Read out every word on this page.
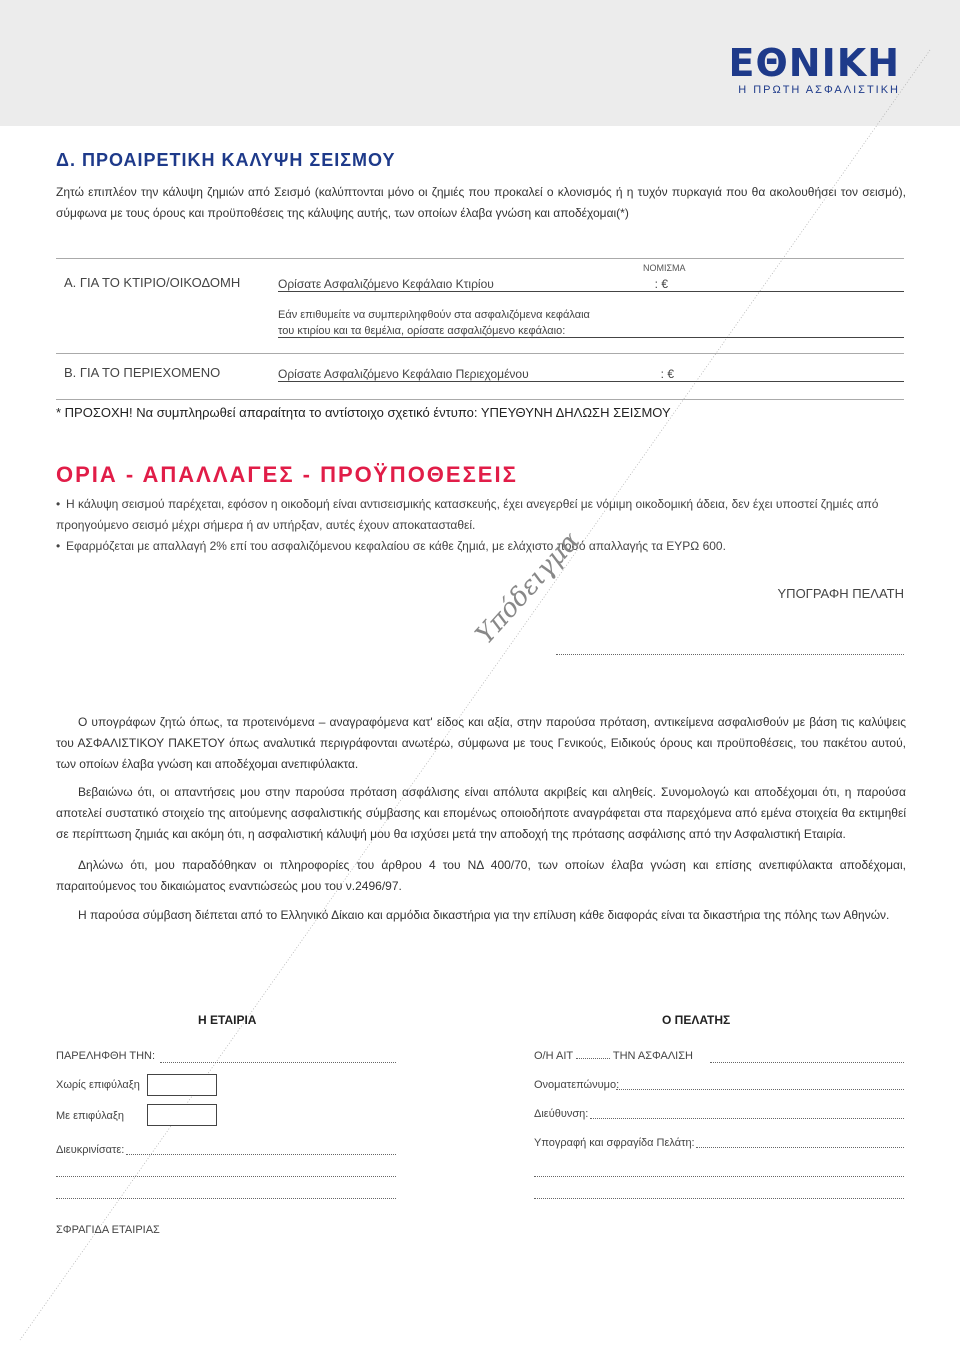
ΕΘΝΙΚΗ
Η ΠΡΩΤΗ ΑΣΦΑΛΙΣΤΙΚΗ
Δ. ΠΡΟΑΙΡΕΤΙΚΗ ΚΑΛΥΨΗ ΣΕΙΣΜΟΥ
Ζητώ επιπλέον την κάλυψη ζημιών από Σεισμό (καλύπτονται μόνο οι ζημιές που προκαλεί ο κλονισμός ή η τυχόν πυρκαγιά που θα ακολουθήσει τον σεισμό), σύμφωνα με τους όρους και προϋποθέσεις της κάλυψης αυτής, των οποίων έλαβα γνώση και αποδέχομαι(*)
ΝΟΜΙΣΜΑ
Α. ΓΙΑ ΤΟ ΚΤΙΡΙΟ/ΟΙΚΟΔΟΜΗ	Ορίσατε Ασφαλιζόμενο Κεφάλαιο Κτιρίου	: €
Εάν επιθυμείτε να συμπεριληφθούν στα ασφαλιζόμενα κεφάλαια
του κτιρίου και τα θεμέλια, ορίσατε ασφαλιζόμενο κεφάλαιο:
Β. ΓΙΑ ΤΟ ΠΕΡΙΕΧΟΜΕΝΟ	Ορίσατε Ασφαλιζόμενο Κεφάλαιο Περιεχομένου	: €
* ΠΡΟΣΟΧΗ! Να συμπληρωθεί απαραίτητα το αντίστοιχο σχετικό έντυπο: ΥΠΕΥΘΥΝΗ ΔΗΛΩΣΗ ΣΕΙΣΜΟΥ
ΟΡΙΑ - ΑΠΑΛΛΑΓΕΣ - ΠΡΟΫΠΟΘΕΣΕΙΣ
• Η κάλυψη σεισμού παρέχεται, εφόσον η οικοδομή είναι αντισεισμικής κατασκευής, έχει ανεγερθεί με νόμιμη οικοδομική άδεια, δεν έχει υποστεί ζημιές από προηγούμενο σεισμό μέχρι σήμερα ή αν υπήρξαν, αυτές έχουν αποκατασταθεί.
• Εφαρμόζεται με απαλλαγή 2% επί του ασφαλιζόμενου κεφαλαίου σε κάθε ζημιά, με ελάχιστο ποσό απαλλαγής τα ΕΥΡΩ 600.
ΥΠΟΓΡΑΦΗ ΠΕΛΑΤΗ
Υπόδειγμα
Ο υπογράφων ζητώ όπως, τα προτεινόμενα – αναγραφόμενα κατ' είδος και αξία, στην παρούσα πρόταση, αντικείμενα ασφαλισθούν με βάση τις καλύψεις του ΑΣΦΑΛΙΣΤΙΚΟΥ ΠΑΚΕΤΟΥ όπως αναλυτικά περιγράφονται ανωτέρω, σύμφωνα με τους Γενικούς, Ειδικούς όρους και προϋποθέσεις, του πακέτου αυτού, των οποίων έλαβα γνώση και αποδέχομαι ανεπιφύλακτα.
Βεβαιώνω ότι, οι απαντήσεις μου στην παρούσα πρόταση ασφάλισης είναι απόλυτα ακριβείς και αληθείς. Συνομολογώ και αποδέχομαι ότι, η παρούσα αποτελεί συστατικό στοιχείο της αιτούμενης ασφαλιστικής σύμβασης και επομένως οποιοδήποτε αναγράφεται στα παρεχόμενα από εμένα στοιχεία θα εκτιμηθεί σε περίπτωση ζημιάς και ακόμη ότι, η ασφαλιστική κάλυψή μου θα ισχύσει μετά την αποδοχή της πρότασης ασφάλισης από την Ασφαλιστική Εταιρία.
Δηλώνω ότι, μου παραδόθηκαν οι πληροφορίες του άρθρου 4 του ΝΔ 400/70, των οποίων έλαβα γνώση και επίσης ανεπιφύλακτα αποδέχομαι, παραιτούμενος του δικαιώματος εναντιώσεώς μου του ν.2496/97.
Η παρούσα σύμβαση διέπεται από το Ελληνικό Δίκαιο και αρμόδια δικαστήρια για την επίλυση κάθε διαφοράς είναι τα δικαστήρια της πόλης των Αθηνών.
Η ΕΤΑΙΡΙΑ	Ο ΠΕΛΑΤΗΣ
ΠΑΡΕΛΗΦΘΗ ΤΗΝ:
Χωρίς επιφύλαξη
Με επιφύλαξη
Διευκρινίσατε:
ΣΦΡΑΓΙΔΑ ΕΤΑΙΡΙΑΣ
Ο/Η ΑΙΤ	ΤΗΝ ΑΣΦΑΛΙΣΗ
Ονοματεπώνυμο:
Διεύθυνση:
Υπογραφή και σφραγίδα Πελάτη:
